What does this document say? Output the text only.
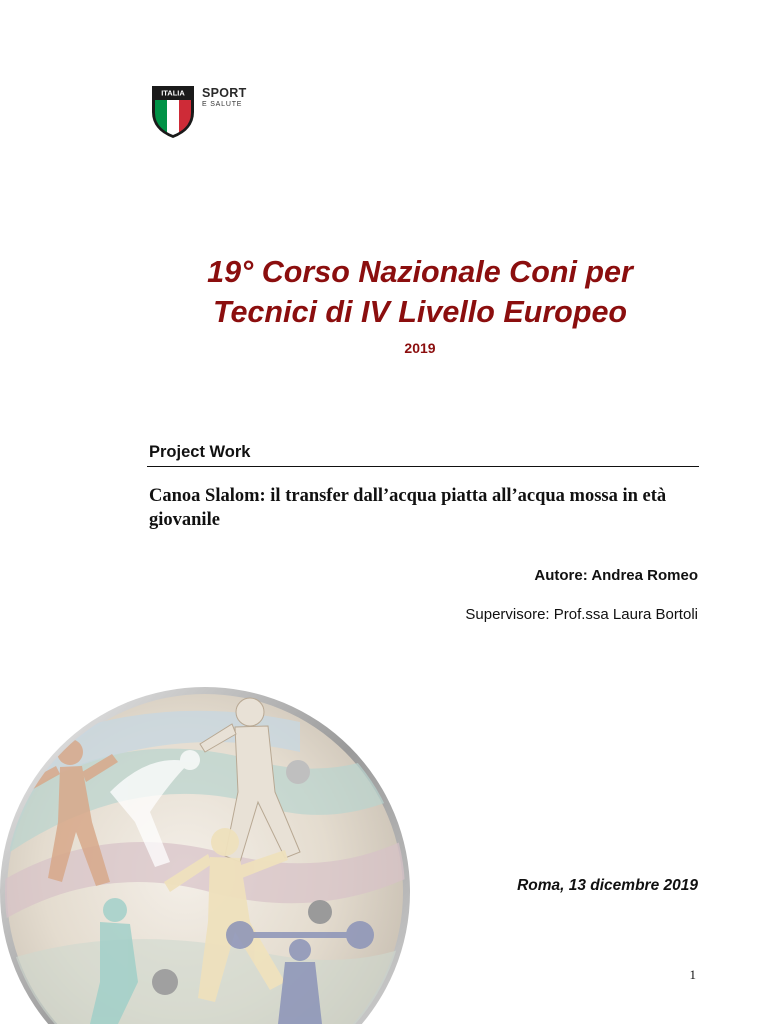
ITALIA SPORT
E SALUTE
19° Corso Nazionale Coni per
Tecnici di IV Livello Europeo
2019
Project Work
Canoa Slalom: il transfer dall’acqua piatta all’acqua mossa in età giovanile
Autore: Andrea Romeo
Supervisore: Prof.ssa Laura Bortoli
Roma, 13 dicembre 2019
1
